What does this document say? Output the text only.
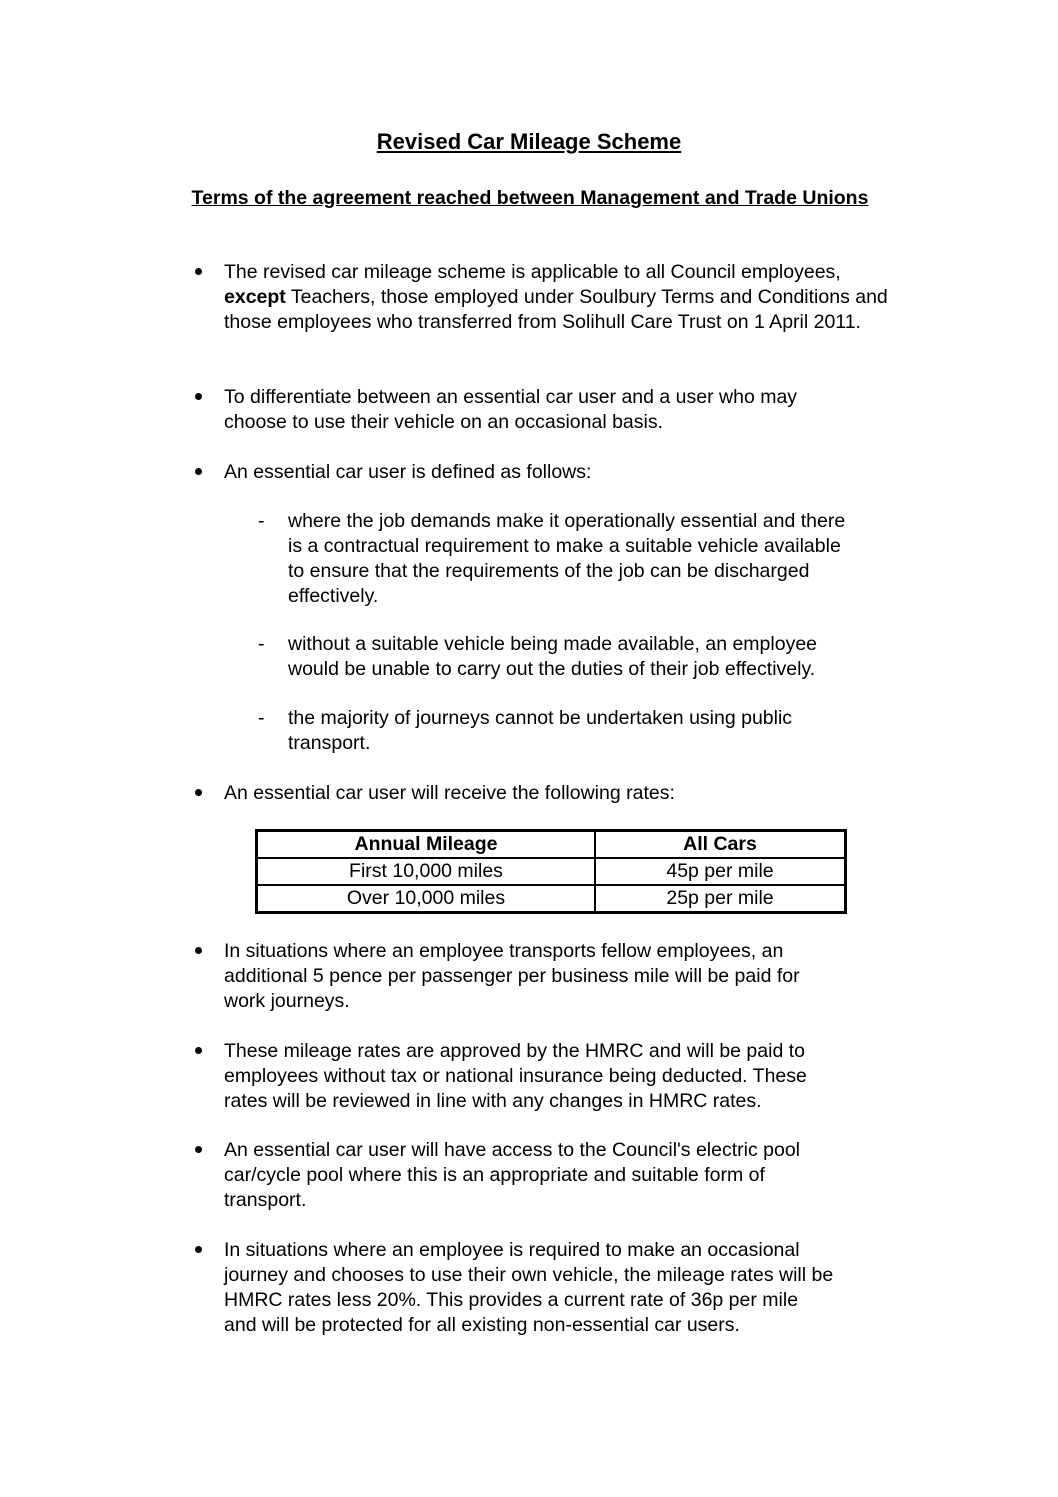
Revised Car Mileage Scheme
Terms of the agreement reached between Management and Trade Unions
The revised car mileage scheme is applicable to all Council employees, except Teachers, those employed under Soulbury Terms and Conditions and those employees who transferred from Solihull Care Trust on 1 April 2011.
To differentiate between an essential car user and a user who may
choose to use their vehicle on an occasional basis.
An essential car user is defined as follows:
- where the job demands make it operationally essential and there
is a contractual requirement to make a suitable vehicle available
to ensure that the requirements of the job can be discharged
effectively.
- without a suitable vehicle being made available, an employee
would be unable to carry out the duties of their job effectively.
- the majority of journeys cannot be undertaken using public
transport.
An essential car user will receive the following rates:
Annual Mileage	All Cars
First 10,000 miles	45p per mile
Over 10,000 miles	25p per mile
In situations where an employee transports fellow employees, an
additional 5 pence per passenger per business mile will be paid for
work journeys.
These mileage rates are approved by the HMRC and will be paid to
employees without tax or national insurance being deducted. These
rates will be reviewed in line with any changes in HMRC rates.
An essential car user will have access to the Council's electric pool
car/cycle pool where this is an appropriate and suitable form of
transport.
In situations where an employee is required to make an occasional
journey and chooses to use their own vehicle, the mileage rates will be
HMRC rates less 20%. This provides a current rate of 36p per mile
and will be protected for all existing non-essential car users.
